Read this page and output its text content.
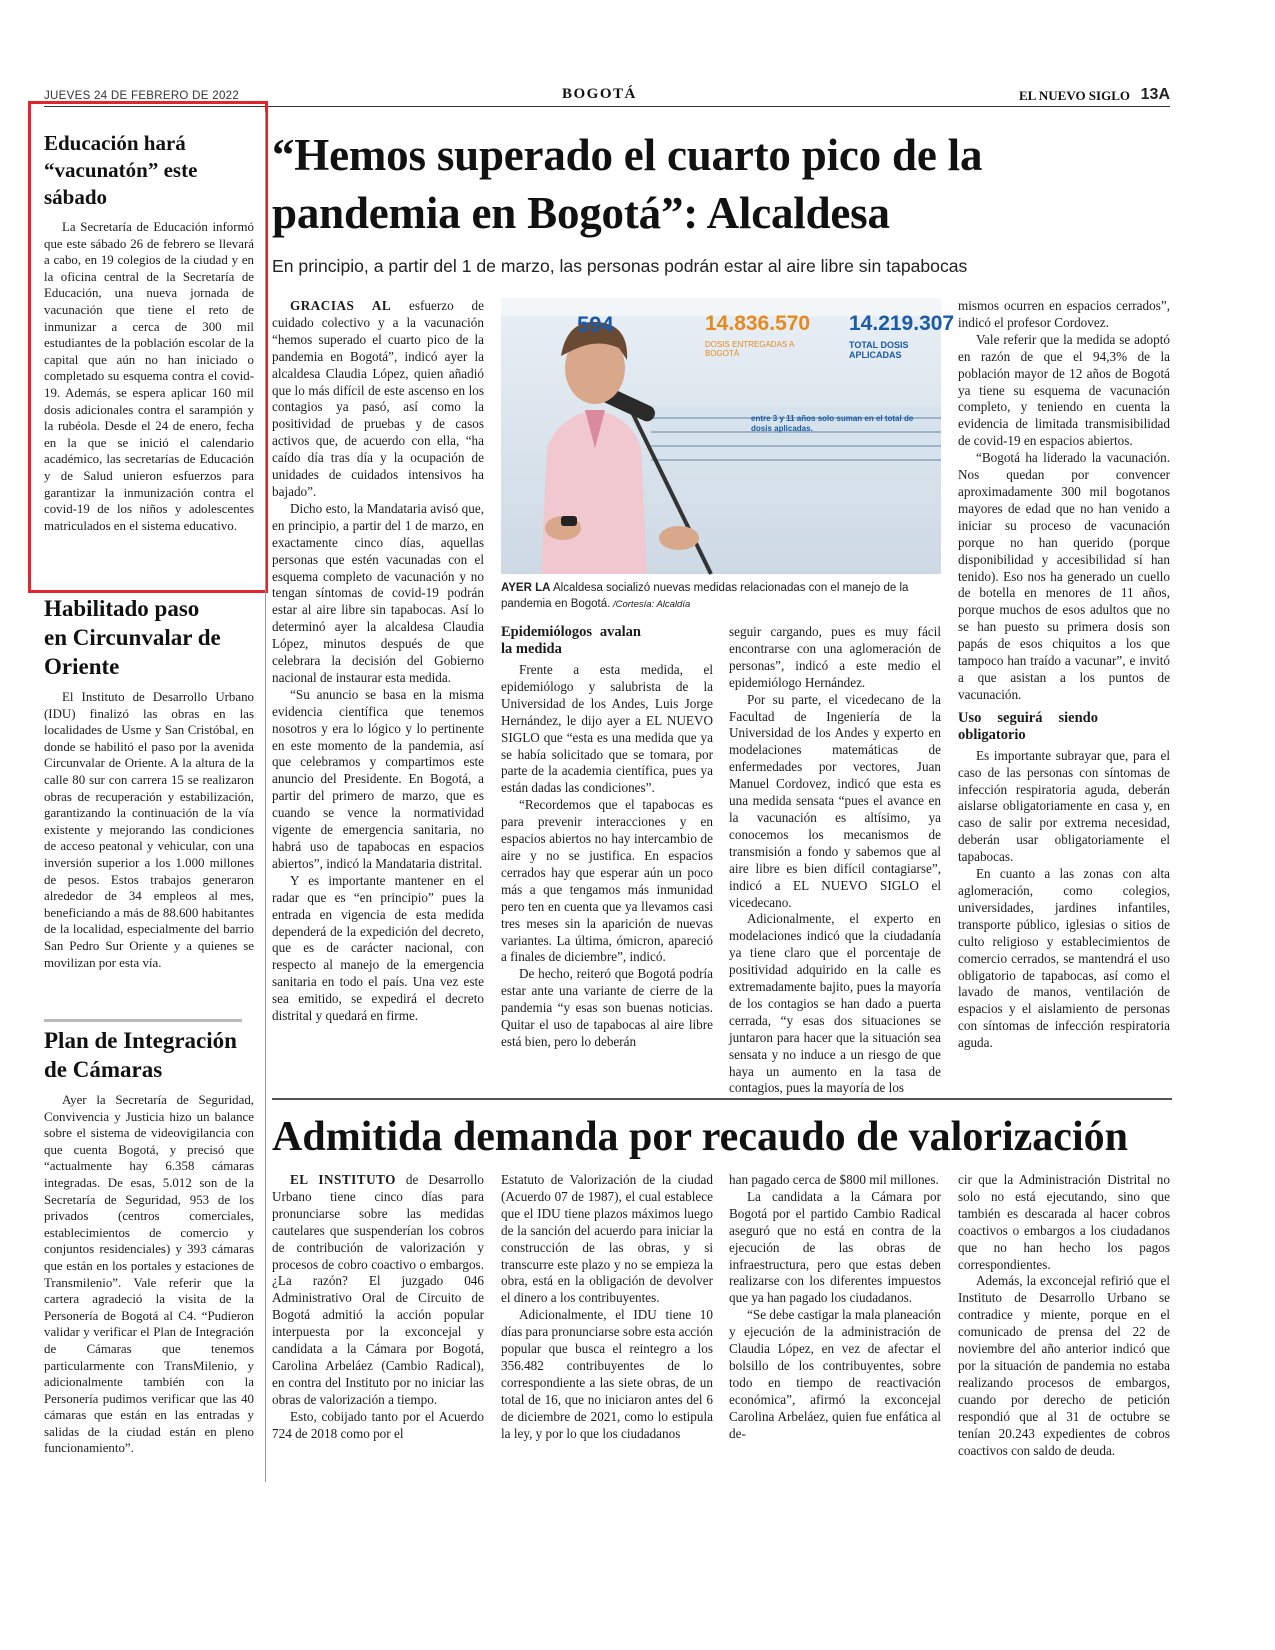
JUEVES 24 DE FEBRERO DE 2022	BOGOTÁ	EL NUEVO SIGLO 13A
Educación hará “vacunatón” este sábado

La Secretaría de Educación informó que este sábado 26 de febrero se llevará a cabo, en 19 colegios de la ciudad y en la oficina central de la Secretaría de Educación, una nueva jornada de vacunación que tiene el reto de inmunizar a cerca de 300 mil estudiantes de la población escolar de la capital que aún no han iniciado o completado su esquema contra el covid-19. Además, se espera aplicar 160 mil dosis adicionales contra el sarampión y la rubéola. Desde el 24 de enero, fecha en la que se inició el calendario académico, las secretarías de Educación y de Salud unieron esfuerzos para garantizar la inmunización contra el covid-19 de los niños y adolescentes matriculados en el sistema educativo.

Habilitado paso en Circunvalar de Oriente

El Instituto de Desarrollo Urbano (IDU) finalizó las obras en las localidades de Usme y San Cristóbal, en donde se habilitó el paso por la avenida Circunvalar de Oriente. A la altura de la calle 80 sur con carrera 15 se realizaron obras de recuperación y estabilización, garantizando la continuación de la vía existente y mejorando las condiciones de acceso peatonal y vehicular, con una inversión superior a los 1.000 millones de pesos. Estos trabajos generaron alrededor de 34 empleos al mes, beneficiando a más de 88.600 habitantes de la localidad, especialmente del barrio San Pedro Sur Oriente y a quienes se movilizan por esta vía.

Plan de Integración de Cámaras

Ayer la Secretaría de Seguridad, Convivencia y Justicia hizo un balance sobre el sistema de videovigilancia con que cuenta Bogotá, y precisó que “actualmente hay 6.358 cámaras integradas. De esas, 5.012 son de la Secretaría de Seguridad, 953 de los privados (centros comerciales, establecimientos de comercio y conjuntos residenciales) y 393 cámaras que están en los portales y estaciones de Transmilenio”. Vale referir que la cartera agradeció la visita de la Personería de Bogotá al C4. “Pudieron validar y verificar el Plan de Integración de Cámaras que tenemos particularmente con TransMilenio, y adicionalmente también con la Personería pudimos verificar que las 40 cámaras que están en las entradas y salidas de la ciudad están en pleno funcionamiento”.

“Hemos superado el cuarto pico de la pandemia en Bogotá”: Alcaldesa
En principio, a partir del 1 de marzo, las personas podrán estar al aire libre sin tapabocas

GRACIAS AL esfuerzo de cuidado colectivo y a la vacunación “hemos superado el cuarto pico de la pandemia en Bogotá”, indicó ayer la alcaldesa Claudia López, quien añadió que lo más difícil de este ascenso en los contagios ya pasó, así como la positividad de pruebas y de casos activos que, de acuerdo con ella, “ha caído día tras día y la ocupación de unidades de cuidados intensivos ha bajado”.

Dicho esto, la Mandataria avisó que, en principio, a partir del 1 de marzo, en exactamente cinco días, aquellas personas que estén vacunadas con el esquema completo de vacunación y no tengan síntomas de covid-19 podrán estar al aire libre sin tapabocas. Así lo determinó ayer la alcaldesa Claudia López, minutos después de que celebrara la decisión del Gobierno nacional de instaurar esta medida.

“Su anuncio se basa en la misma evidencia científica que tenemos nosotros y era lo lógico y lo pertinente en este momento de la pandemia, así que celebramos y compartimos este anuncio del Presidente. En Bogotá, a partir del primero de marzo, que es cuando se vence la normatividad vigente de emergencia sanitaria, no habrá uso de tapabocas en espacios abiertos”, indicó la Mandataria distrital.

Y es importante mantener en el radar que es “en principio” pues la entrada en vigencia de esta medida dependerá de la expedición del decreto, que es de carácter nacional, con respecto al manejo de la emergencia sanitaria en todo el país. Una vez este sea emitido, se expedirá el decreto distrital y quedará en firme.

594	14.836.570 14.219.307
DOSIS ENTREGADAS A BOGOTÁ
TOTAL DOSIS APLICADAS
entre 3 y 11 años solo suman en el total de dosis aplicadas.
AYER LA Alcaldesa socializó nuevas medidas relacionadas con el manejo de la pandemia en Bogotá. /Cortesía: Alcaldía
Epidemiólogos avalan la medida

Frente a esta medida, el epidemiólogo y salubrista de la Universidad de los Andes, Luis Jorge Hernández, le dijo ayer a EL NUEVO SIGLO que “esta es una medida que ya se había solicitado que se tomara, por parte de la academia científica, pues ya están dadas las condiciones”.

“Recordemos que el tapabocas es para prevenir interacciones y en espacios abiertos no hay intercambio de aire y no se justifica. En espacios cerrados hay que esperar aún un poco más a que tengamos más inmunidad pero ten en cuenta que ya llevamos casi tres meses sin la aparición de nuevas variantes. La última, ómicron, apareció a finales de diciembre”, indicó.

De hecho, reiteró que Bogotá podría estar ante una variante de cierre de la pandemia “y esas son buenas noticias. Quitar el uso de tapabocas al aire libre está bien, pero lo deberán

seguir cargando, pues es muy fácil encontrarse con una aglomeración de personas”, indicó a este medio el epidemiólogo Hernández.

Por su parte, el vicedecano de la Facultad de Ingeniería de la Universidad de los Andes y experto en modelaciones matemáticas de enfermedades por vectores, Juan Manuel Cordovez, indicó que esta es una medida sensata “pues el avance en la vacunación es altísimo, ya conocemos los mecanismos de transmisión a fondo y sabemos que al aire libre es bien difícil contagiarse”, indicó a EL NUEVO SIGLO el vicedecano.

Adicionalmente, el experto en modelaciones indicó que la ciudadanía ya tiene claro que el porcentaje de positividad adquirido en la calle es extremadamente bajito, pues la mayoría de los contagios se han dado a puerta cerrada, “y esas dos situaciones se juntaron para hacer que la situación sea sensata y no induce a un riesgo de que haya un aumento en la tasa de contagios, pues la mayoría de los

mismos ocurren en espacios cerrados”, indicó el profesor Cordovez.

Vale referir que la medida se adoptó en razón de que el 94,3% de la población mayor de 12 años de Bogotá ya tiene su esquema de vacunación completo, y teniendo en cuenta la evidencia de limitada transmisibilidad de covid-19 en espacios abiertos.

“Bogotá ha liderado la vacunación. Nos quedan por convencer aproximadamente 300 mil bogotanos mayores de edad que no han venido a iniciar su proceso de vacunación porque no han querido (porque disponibilidad y accesibilidad sí han tenido). Eso nos ha generado un cuello de botella en menores de 11 años, porque muchos de esos adultos que no se han puesto su primera dosis son papás de esos chiquitos a los que tampoco han traído a vacunar”, e invitó a que asistan a los puntos de vacunación.

Uso seguirá siendo obligatorio

Es importante subrayar que, para el caso de las personas con síntomas de infección respiratoria aguda, deberán aislarse obligatoriamente en casa y, en caso de salir por extrema necesidad, deberán usar obligatoriamente el tapabocas.

En cuanto a las zonas con alta aglomeración, como colegios, universidades, jardines infantiles, transporte público, iglesias o sitios de culto religioso y establecimientos de comercio cerrados, se mantendrá el uso obligatorio de tapabocas, así como el lavado de manos, ventilación de espacios y el aislamiento de personas con síntomas de infección respiratoria aguda.

Admitida demanda por recaudo de valorización

EL INSTITUTO de Desarrollo Urbano tiene cinco días para pronunciarse sobre las medidas cautelares que suspenderían los cobros de contribución de valorización y procesos de cobro coactivo o embargos. ¿La razón? El juzgado 046 Administrativo Oral de Circuito de Bogotá admitió la acción popular interpuesta por la exconcejal y candidata a la Cámara por Bogotá, Carolina Arbeláez (Cambio Radical), en contra del Instituto por no iniciar las obras de valorización a tiempo.

Esto, cobijado tanto por el Acuerdo 724 de 2018 como por el

Estatuto de Valorización de la ciudad (Acuerdo 07 de 1987), el cual establece que el IDU tiene plazos máximos luego de la sanción del acuerdo para iniciar la construcción de las obras, y si transcurre este plazo y no se empieza la obra, está en la obligación de devolver el dinero a los contribuyentes.

Adicionalmente, el IDU tiene 10 días para pronunciarse sobre esta acción popular que busca el reintegro a los 356.482 contribuyentes de lo correspondiente a las siete obras, de un total de 16, que no iniciaron antes del 6 de diciembre de 2021, como lo estipula la ley, y por lo que los ciudadanos

han pagado cerca de $800 mil millones.

La candidata a la Cámara por Bogotá por el partido Cambio Radical aseguró que no está en contra de la ejecución de las obras de infraestructura, pero que estas deben realizarse con los diferentes impuestos que ya han pagado los ciudadanos.

“Se debe castigar la mala planeación y ejecución de la administración de Claudia López, en vez de afectar el bolsillo de los contribuyentes, sobre todo en tiempo de reactivación económica”, afirmó la exconcejal Carolina Arbeláez, quien fue enfática al de-

cir que la Administración Distrital no solo no está ejecutando, sino que también es descarada al hacer cobros coactivos o embargos a los ciudadanos que no han hecho los pagos correspondientes.

Además, la exconcejal refirió que el Instituto de Desarrollo Urbano se contradice y miente, porque en el comunicado de prensa del 22 de noviembre del año anterior indicó que por la situación de pandemia no estaba realizando procesos de embargos, cuando por derecho de petición respondió que al 31 de octubre se tenían 20.243 expedientes de cobros coactivos con saldo de deuda.
